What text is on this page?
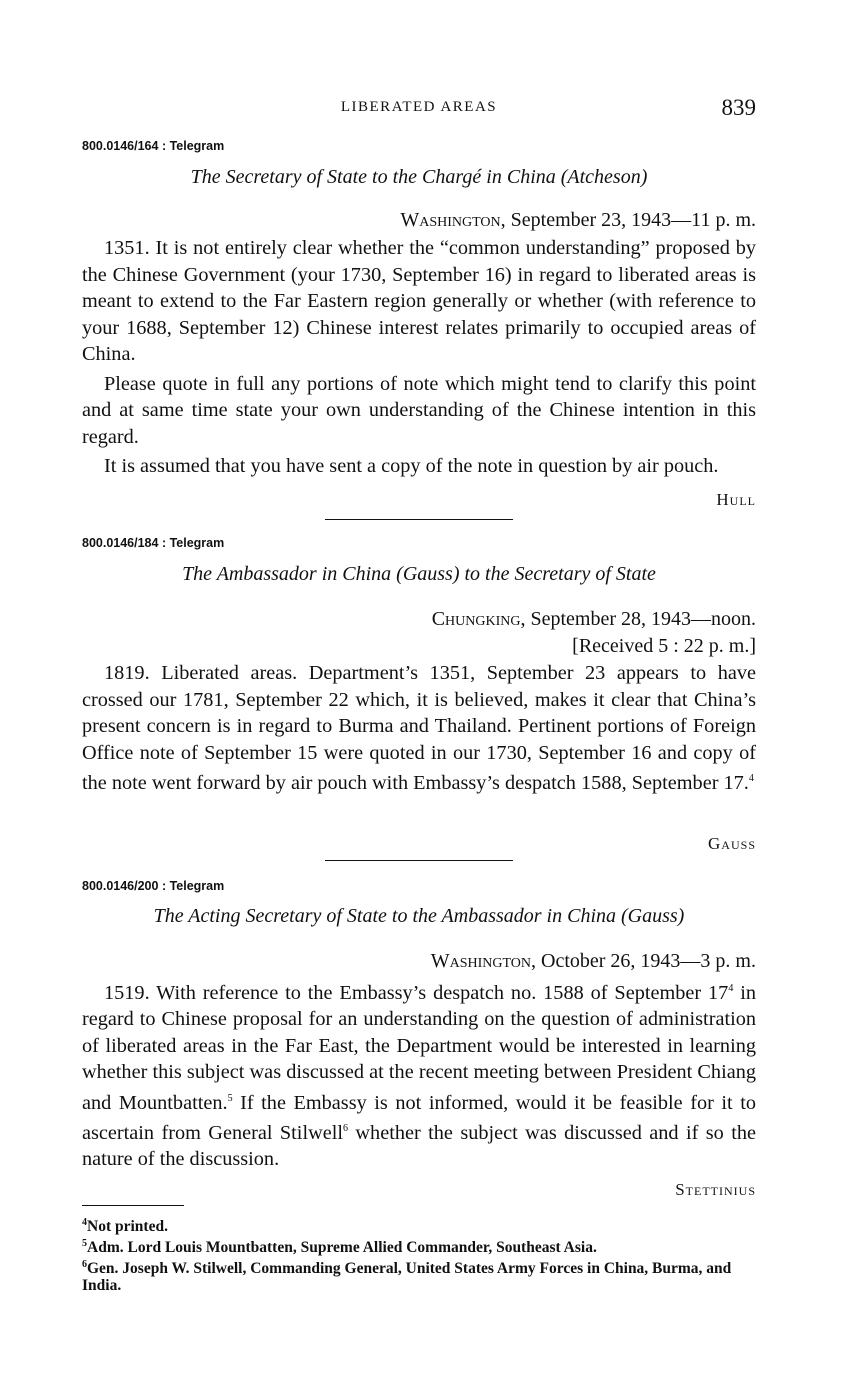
LIBERATED AREAS	839
800.0146/164 : Telegram
The Secretary of State to the Chargé in China (Atcheson)
Washington, September 23, 1943—11 p. m.

1351. It is not entirely clear whether the “common understanding” proposed by the Chinese Government (your 1730, September 16) in regard to liberated areas is meant to extend to the Far Eastern region generally or whether (with reference to your 1688, September 12) Chinese interest relates primarily to occupied areas of China.

Please quote in full any portions of note which might tend to clarify this point and at same time state your own understanding of the Chinese intention in this regard.

It is assumed that you have sent a copy of the note in question by air pouch.

Hull
800.0146/184 : Telegram
The Ambassador in China (Gauss) to the Secretary of State
Chungking, September 28, 1943—noon.
[Received 5 : 22 p. m.]

1819. Liberated areas. Department’s 1351, September 23 appears to have crossed our 1781, September 22 which, it is believed, makes it clear that China’s present concern is in regard to Burma and Thailand. Pertinent portions of Foreign Office note of September 15 were quoted in our 1730, September 16 and copy of the note went forward by air pouch with Embassy’s despatch 1588, September 17.$^4$

Gauss
800.0146/200 : Telegram
The Acting Secretary of State to the Ambassador in China (Gauss)
Washington, October 26, 1943—3 p. m.

1519. With reference to the Embassy’s despatch no. 1588 of September $17^4$ in regard to Chinese proposal for an understanding on the question of administration of liberated areas in the Far East, the Department would be interested in learning whether this subject was discussed at the recent meeting between President Chiang and Mountbatten.$^5$ If the Embassy is not informed, would it be feasible for it to ascertain from General Stilwell$^6$ whether the subject was discussed and if so the nature of the discussion.

Stettinius

$^4$Not printed.

$^5$Adm. Lord Louis Mountbatten, Supreme Allied Commander, Southeast Asia.

$^6$Gen. Joseph W. Stilwell, Commanding General, United States Army Forces in China, Burma, and India.
